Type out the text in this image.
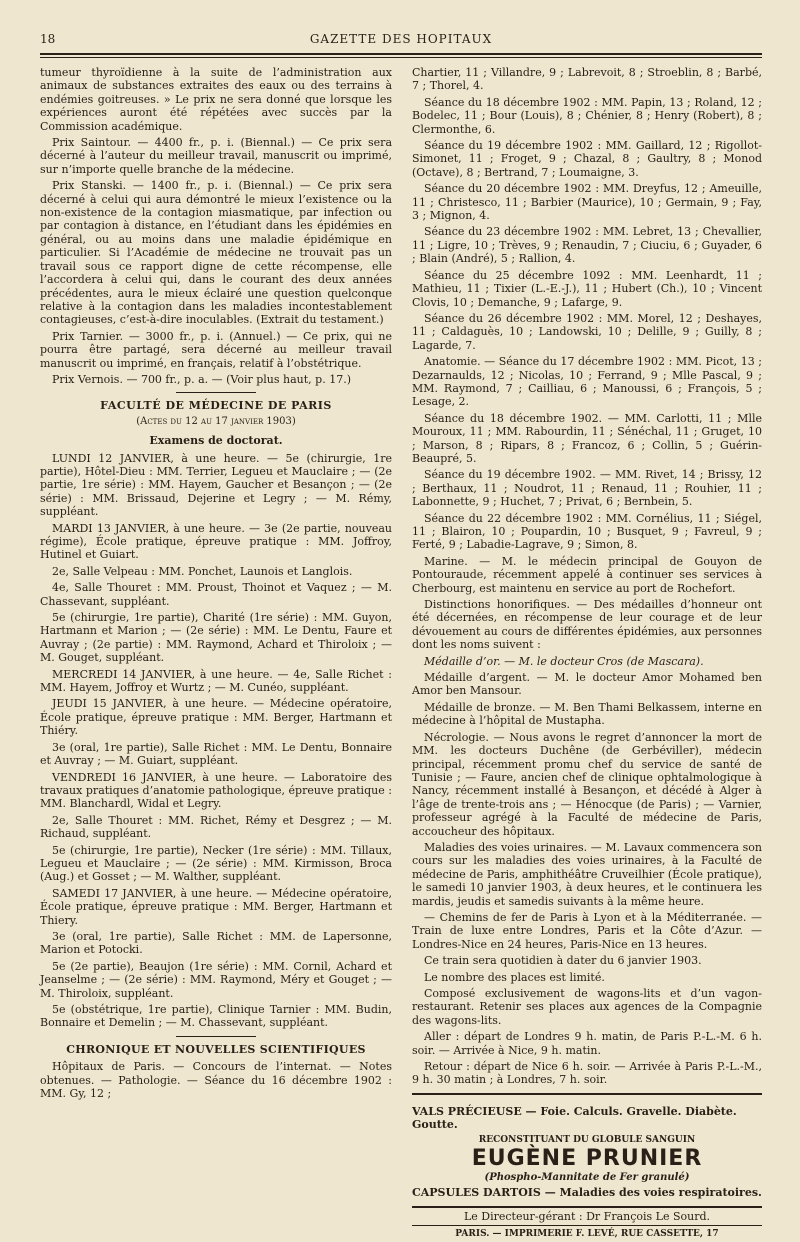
18	GAZETTE DES HOPITAUX

tumeur thyroïdienne à la suite de l’administration aux animaux de substances extraites des eaux ou des terrains à endémies goitreuses. » Le prix ne sera donné que lorsque les expériences auront été répétées avec succès par la Commission académique.

Prix Saintour. — 4400 fr., p. i. (Biennal.) — Ce prix sera décerné à l’auteur du meilleur travail, manuscrit ou imprimé, sur n’importe quelle branche de la médecine.

Prix Stanski. — 1400 fr., p. i. (Biennal.) — Ce prix sera décerné à celui qui aura démontré le mieux l’existence ou la non-existence de la contagion miasmatique, par infection ou par contagion à distance, en l’étudiant dans les épidémies en général, ou au moins dans une maladie épidémique en particulier. Si l’Académie de médecine ne trouvait pas un travail sous ce rapport digne de cette récompense, elle l’accordera à celui qui, dans le courant des deux années précédentes, aura le mieux éclairé une question quelconque relative à la contagion dans les maladies incontestablement contagieuses, c’est-à-dire inoculables. (Extrait du testament.)

Prix Tarnier. — 3000 fr., p. i. (Annuel.) — Ce prix, qui ne pourra être partagé, sera décerné au meilleur travail manuscrit ou imprimé, en français, relatif à l’obstétrique.

Prix Vernois. — 700 fr., p. a. — (Voir plus haut, p. 17.)

FACULTÉ DE MÉDECINE DE PARIS
(Actes du 12 au 17 janvier 1903)
Examens de doctorat.

LUNDI 12 JANVIER, à une heure. — 5e (chirurgie, 1re partie), Hôtel-Dieu : MM. Terrier, Legueu et Mauclaire ; — (2e partie, 1re série) : MM. Hayem, Gaucher et Besançon ; — (2e série) : MM. Brissaud, Dejerine et Legry ; — M. Rémy, suppléant.

MARDI 13 JANVIER, à une heure. — 3e (2e partie, nouveau régime), École pratique, épreuve pratique : MM. Joffroy, Hutinel et Guiart.

2e, Salle Velpeau : MM. Ponchet, Launois et Langlois.

4e, Salle Thouret : MM. Proust, Thoinot et Vaquez ; — M. Chassevant, suppléant.

5e (chirurgie, 1re partie), Charité (1re série) : MM. Guyon, Hartmann et Marion ; — (2e série) : MM. Le Dentu, Faure et Auvray ; (2e partie) : MM. Raymond, Achard et Thiroloix ; — M. Gouget, suppléant.

MERCREDI 14 JANVIER, à une heure. — 4e, Salle Richet : MM. Hayem, Joffroy et Wurtz ; — M. Cunéo, suppléant.

JEUDI 15 JANVIER, à une heure. — Médecine opératoire, École pratique, épreuve pratique : MM. Berger, Hartmann et Thiéry.

3e (oral, 1re partie), Salle Richet : MM. Le Dentu, Bonnaire et Auvray ; — M. Guiart, suppléant.

VENDREDI 16 JANVIER, à une heure. — Laboratoire des travaux pratiques d’anatomie pathologique, épreuve pratique : MM. Blanchardl, Widal et Legry.

2e, Salle Thouret : MM. Richet, Rémy et Desgrez ; — M. Richaud, suppléant.

5e (chirurgie, 1re partie), Necker (1re série) : MM. Tillaux, Legueu et Mauclaire ; — (2e série) : MM. Kirmisson, Broca (Aug.) et Gosset ; — M. Walther, suppléant.

SAMEDI 17 JANVIER, à une heure. — Médecine opératoire, École pratique, épreuve pratique : MM. Berger, Hartmann et Thiery.

3e (oral, 1re partie), Salle Richet : MM. de Lapersonne, Marion et Potocki.

5e (2e partie), Beaujon (1re série) : MM. Cornil, Achard et Jeanselme ; — (2e série) : MM. Raymond, Méry et Gouget ; — M. Thiroloix, suppléant.

5e (obstétrique, 1re partie), Clinique Tarnier : MM. Budin, Bonnaire et Demelin ; — M. Chassevant, suppléant.

CHRONIQUE ET NOUVELLES SCIENTIFIQUES

Hôpitaux de Paris. — Concours de l’internat. — Notes obtenues. — Pathologie. — Séance du 16 décembre 1902 : MM. Gy, 12 ;

Chartier, 11 ; Villandre, 9 ; Labrevoit, 8 ; Stroeblin, 8 ; Barbé, 7 ; Thorel, 4.

Séance du 18 décembre 1902 : MM. Papin, 13 ; Roland, 12 ; Bodelec, 11 ; Bour (Louis), 8 ; Chénier, 8 ; Henry (Robert), 8 ; Clermonthe, 6.

Séance du 19 décembre 1902 : MM. Gaillard, 12 ; Rigollot-Simonet, 11 ; Froget, 9 ; Chazal, 8 ; Gaultry, 8 ; Monod (Octave), 8 ; Bertrand, 7 ; Loumaigne, 3.

Séance du 20 décembre 1902 : MM. Dreyfus, 12 ; Ameuille, 11 ; Christesco, 11 ; Barbier (Maurice), 10 ; Germain, 9 ; Fay, 3 ; Mignon, 4.

Séance du 23 décembre 1902 : MM. Lebret, 13 ; Chevallier, 11 ; Ligre, 10 ; Trèves, 9 ; Renaudin, 7 ; Ciuciu, 6 ; Guyader, 6 ; Blain (André), 5 ; Rallion, 4.

Séance du 25 décembre 1092 : MM. Leenhardt, 11 ; Mathieu, 11 ; Tixier (L.-E.-J.), 11 ; Hubert (Ch.), 10 ; Vincent Clovis, 10 ; Demanche, 9 ; Lafarge, 9.

Séance du 26 décembre 1902 : MM. Morel, 12 ; Deshayes, 11 ; Caldaguès, 10 ; Landowski, 10 ; Delille, 9 ; Guilly, 8 ; Lagarde, 7.

Anatomie. — Séance du 17 décembre 1902 : MM. Picot, 13 ; Dezarnaulds, 12 ; Nicolas, 10 ; Ferrand, 9 ; Mlle Pascal, 9 ; MM. Raymond, 7 ; Cailliau, 6 ; Manoussi, 6 ; François, 5 ; Lesage, 2.

Séance du 18 décembre 1902. — MM. Carlotti, 11 ; Mlle Mouroux, 11 ; MM. Rabourdin, 11 ; Sénéchal, 11 ; Gruget, 10 ; Marson, 8 ; Ripars, 8 ; Francoz, 6 ; Collin, 5 ; Guérin-Beaupré, 5.

Séance du 19 décembre 1902. — MM. Rivet, 14 ; Brissy, 12 ; Berthaux, 11 ; Noudrot, 11 ; Renaud, 11 ; Rouhier, 11 ; Labonnette, 9 ; Huchet, 7 ; Privat, 6 ; Bernbein, 5.

Séance du 22 décembre 1902 : MM. Cornélius, 11 ; Siégel, 11 ; Blairon, 10 ; Poupardin, 10 ; Busquet, 9 ; Favreul, 9 ; Ferté, 9 ; Labadie-Lagrave, 9 ; Simon, 8.

Marine. — M. le médecin principal de Gouyon de Pontouraude, récemment appelé à continuer ses services à Cherbourg, est maintenu en service au port de Rochefort.

Distinctions honorifiques. — Des médailles d’honneur ont été décernées, en récompense de leur courage et de leur dévouement au cours de différentes épidémies, aux personnes dont les noms suivent :

Médaille d’or. — M. le docteur Cros (de Mascara).

Médaille d’argent. — M. le docteur Amor Mohamed ben Amor ben Mansour.

Médaille de bronze. — M. Ben Thami Belkassem, interne en médecine à l’hôpital de Mustapha.

Nécrologie. — Nous avons le regret d’annoncer la mort de MM. les docteurs Duchêne (de Gerbéviller), médecin principal, récemment promu chef du service de santé de Tunisie ; — Faure, ancien chef de clinique ophtalmologique à Nancy, récemment installé à Besançon, et décédé à Alger à l’âge de trente-trois ans ; — Hénocque (de Paris) ; — Varnier, professeur agrégé à la Faculté de médecine de Paris, accoucheur des hôpitaux.

Maladies des voies urinaires. — M. Lavaux commencera son cours sur les maladies des voies urinaires, à la Faculté de médecine de Paris, amphithéâtre Cruveilhier (École pratique), le samedi 10 janvier 1903, à deux heures, et le continuera les mardis, jeudis et samedis suivants à la même heure.

— Chemins de fer de Paris à Lyon et à la Méditerranée. — Train de luxe entre Londres, Paris et la Côte d’Azur. — Londres-Nice en 24 heures, Paris-Nice en 13 heures.

Ce train sera quotidien à dater du 6 janvier 1903.

Le nombre des places est limité.

Composé exclusivement de wagons-lits et d’un vagon-restaurant. Retenir ses places aux agences de la Compagnie des wagons-lits.

Aller : départ de Londres 9 h. matin, de Paris P.-L.-M. 6 h. soir. — Arrivée à Nice, 9 h. matin.

Retour : départ de Nice 6 h. soir. — Arrivée à Paris P.-L.-M., 9 h. 30 matin ; à Londres, 7 h. soir.

VALS PRÉCIEUSE — Foie. Calculs. Gravelle. Diabète. Goutte.
RECONSTITUANT DU GLOBULE SANGUIN
EUGÈNE PRUNIER
(Phospho-Mannitate de Fer granulé)
CAPSULES DARTOIS — Maladies des voies respiratoires.
Le Directeur-gérant : Dr François Le Sourd.
PARIS. — IMPRIMERIE F. LEVÉ, RUE CASSETTE, 17
